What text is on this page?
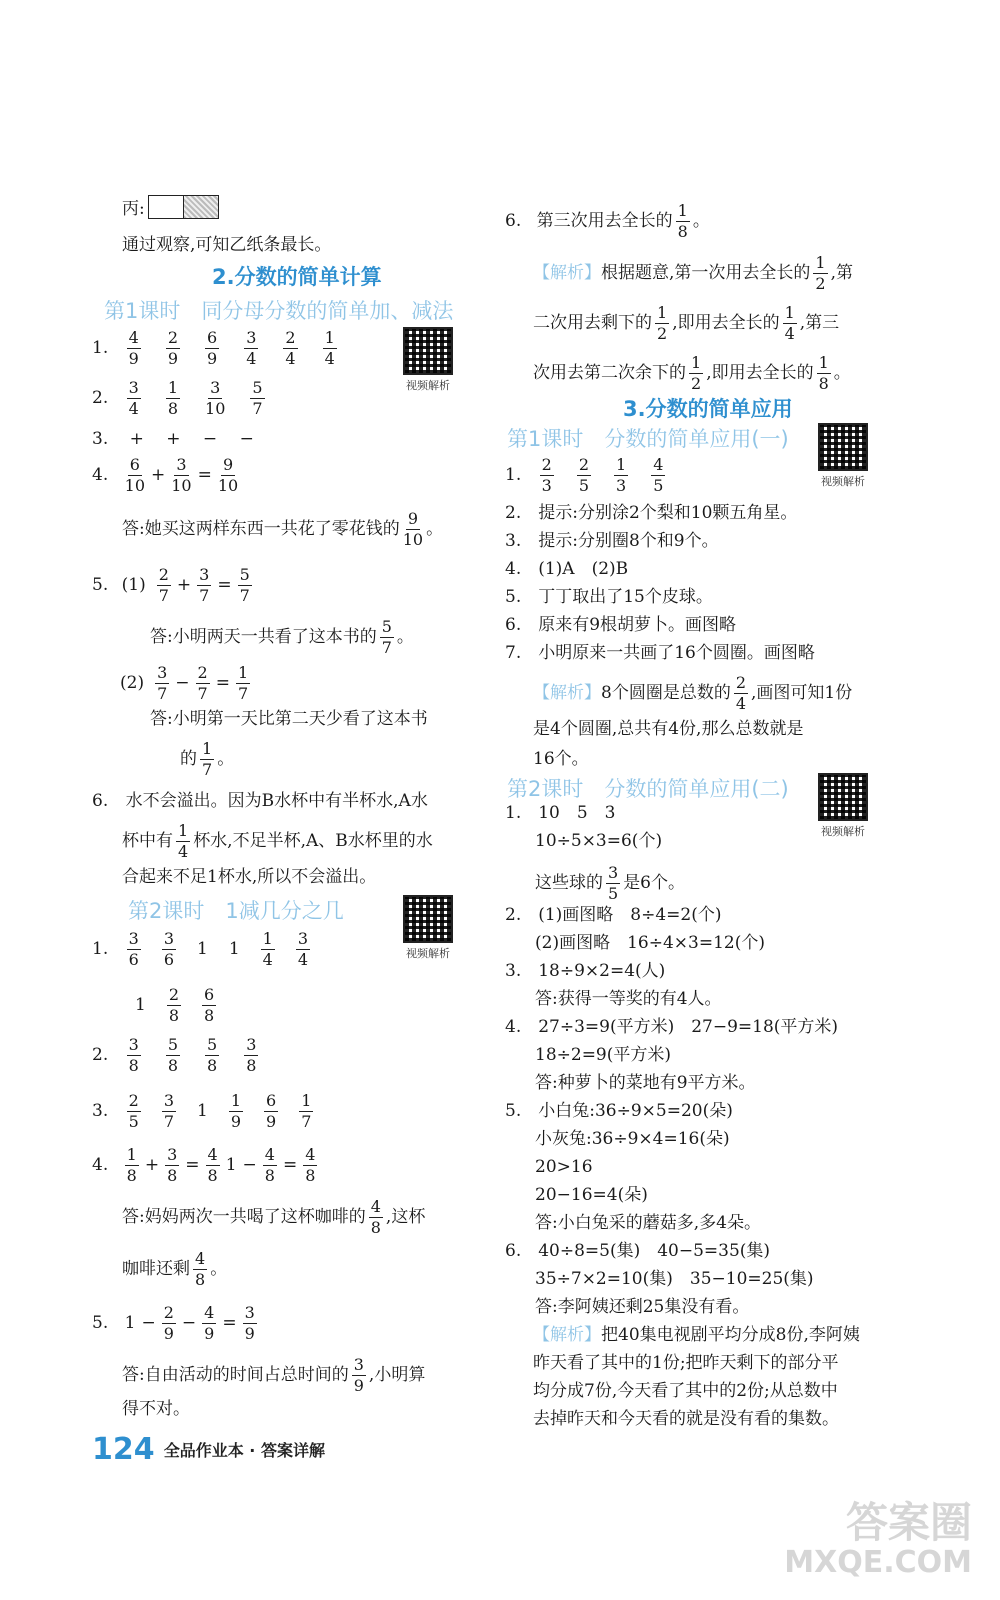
丙:
通过观察,可知乙纸条最长。
2.分数的简单计算
第1课时　同分母分数的简单加、减法
视频解析
1. $\frac{4}{9} \frac{2}{9} \frac{6}{9} \frac{3}{4} \frac{2}{4} \frac{1}{4}$
2. $\frac{3}{4} \frac{1}{8} \frac{3}{10} \frac{5}{7}$
3. +　 +　 −　 −
4. $\frac{6}{10} + \frac{3}{10} = \frac{9}{10}$
答:她买这两样东西一共花了零花钱的 $\frac{9}{10}$ 。
5. $(1) \frac{2}{7} + \frac{3}{7} = \frac{5}{7}$
答:小明两天一共看了这本书的 $\frac{5}{7}$ 。
$(2) \frac{3}{7} - \frac{2}{7} = \frac{1}{7}$
答:小明第一天比第二天少看了这本书
的 $\frac{1}{7}$ 。
6. 水不会溢出。因为B水杯中有半杯水,A水
杯中有 $\frac{1}{4}$ 杯水,不足半杯,A、B水杯里的水
合起来不足1杯水,所以不会溢出。
第2课时　1减几分之几
视频解析
1. $\frac{3}{6} \frac{3}{6} 1$ $1 \frac{1}{4} \frac{3}{4}$
$1 \frac{2}{8} \frac{6}{8}$
2. $\frac{3}{8} \frac{5}{8} \frac{5}{8} \frac{3}{8}$
3. $\frac{2}{5} \frac{3}{7} 1 \frac{1}{9} \frac{6}{9} \frac{1}{7}$
4. $\frac{1}{8} + \frac{3}{8} = \frac{4}{8} 1 - \frac{4}{8} = \frac{4}{8}$
答:妈妈两次一共喝了这杯咖啡的 $\frac{4}{8}$ ,这杯
咖啡还剩 $\frac{4}{8}$ 。
5. $1 - \frac{2}{9} - \frac{4}{9} = \frac{3}{9}$
答:自由活动的时间占总时间的 $\frac{3}{9}$ ,小明算
得不对。
6. 第三次用去全长的 $\frac{1}{8}$ 。
【解析】根据题意,第一次用去全长的 $\frac{1}{2}$ ,第
二次用去剩下的 $\frac{1}{2}$ ,即用去全长的 $\frac{1}{4}$ ,第三
次用去第二次余下的 $\frac{1}{2}$ ,即用去全长的 $\frac{1}{8}$ 。
3.分数的简单应用
第1课时　分数的简单应用(一)
视频解析
1. $\frac{2}{3} \frac{2}{5} \frac{1}{3} \frac{4}{5}$
2.　提示:分别涂2个梨和10颗五角星。
3.　提示:分别圈8个和9个。
4.　(1)A　(2)B
5.　丁丁取出了15个皮球。
6.　原来有9根胡萝卜。画图略
7.　小明原来一共画了16个圆圈。画图略
【解析】8个圆圈是总数的 $\frac{2}{4}$ ,画图可知1份
是4个圆圈,总共有4份,那么总数就是
16个。
第2课时　分数的简单应用(二)
视频解析
1.　10　5　3
10÷5×3=6(个)
这些球的 $\frac{3}{5}$ 是6个。
2.　(1)画图略　8÷4=2(个)
(2)画图略　16÷4×3=12(个)
3.　18÷9×2=4(人)
答:获得一等奖的有4人。
4.　27÷3=9(平方米)　27−9=18(平方米)
18÷2=9(平方米)
答:种萝卜的菜地有9平方米。
5.　小白兔:36÷9×5=20(朵)
小灰兔:36÷9×4=16(朵)
20>16
20−16=4(朵)
答:小白兔采的蘑菇多,多4朵。
6.　40÷8=5(集)　40−5=35(集)
35÷7×2=10(集)　35−10=25(集)
答:李阿姨还剩25集没有看。
【解析】把40集电视剧平均分成8份,李阿姨
昨天看了其中的1份;把昨天剩下的部分平
均分成7份,今天看了其中的2份;从总数中
去掉昨天和今天看的就是没有看的集数。
124 全品作业本 · 答案详解
答案圈
MXQE.COM
